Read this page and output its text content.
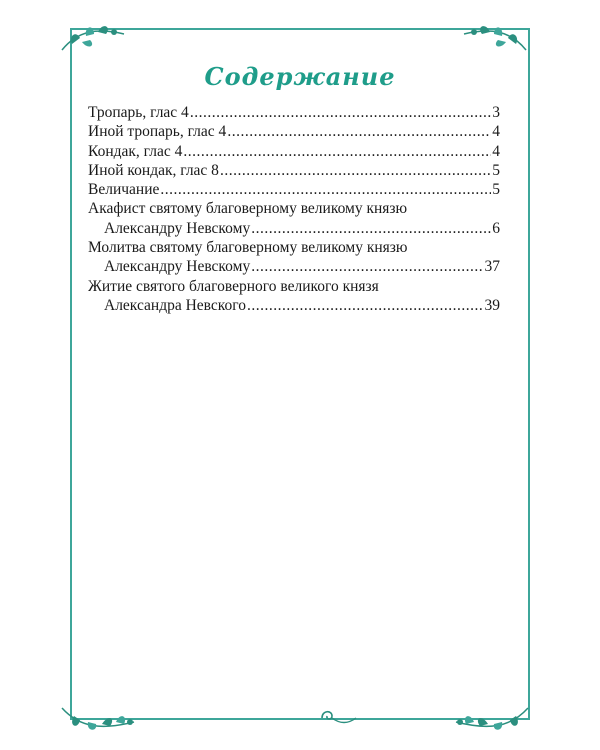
Содержание
Тропарь, глас 4 .....	3
Иной тропарь, глас 4 .....	4
Кондак, глас 4 .....	4
Иной кондак, глас 8 .....	5
Величание .....	5
Акафист святому благоверному великому князю
Александру Невскому .....	6
Молитва святому благоверному великому князю
Александру Невскому .....	37
Житие святого благоверного великого князя
Александра Невского .....	39
